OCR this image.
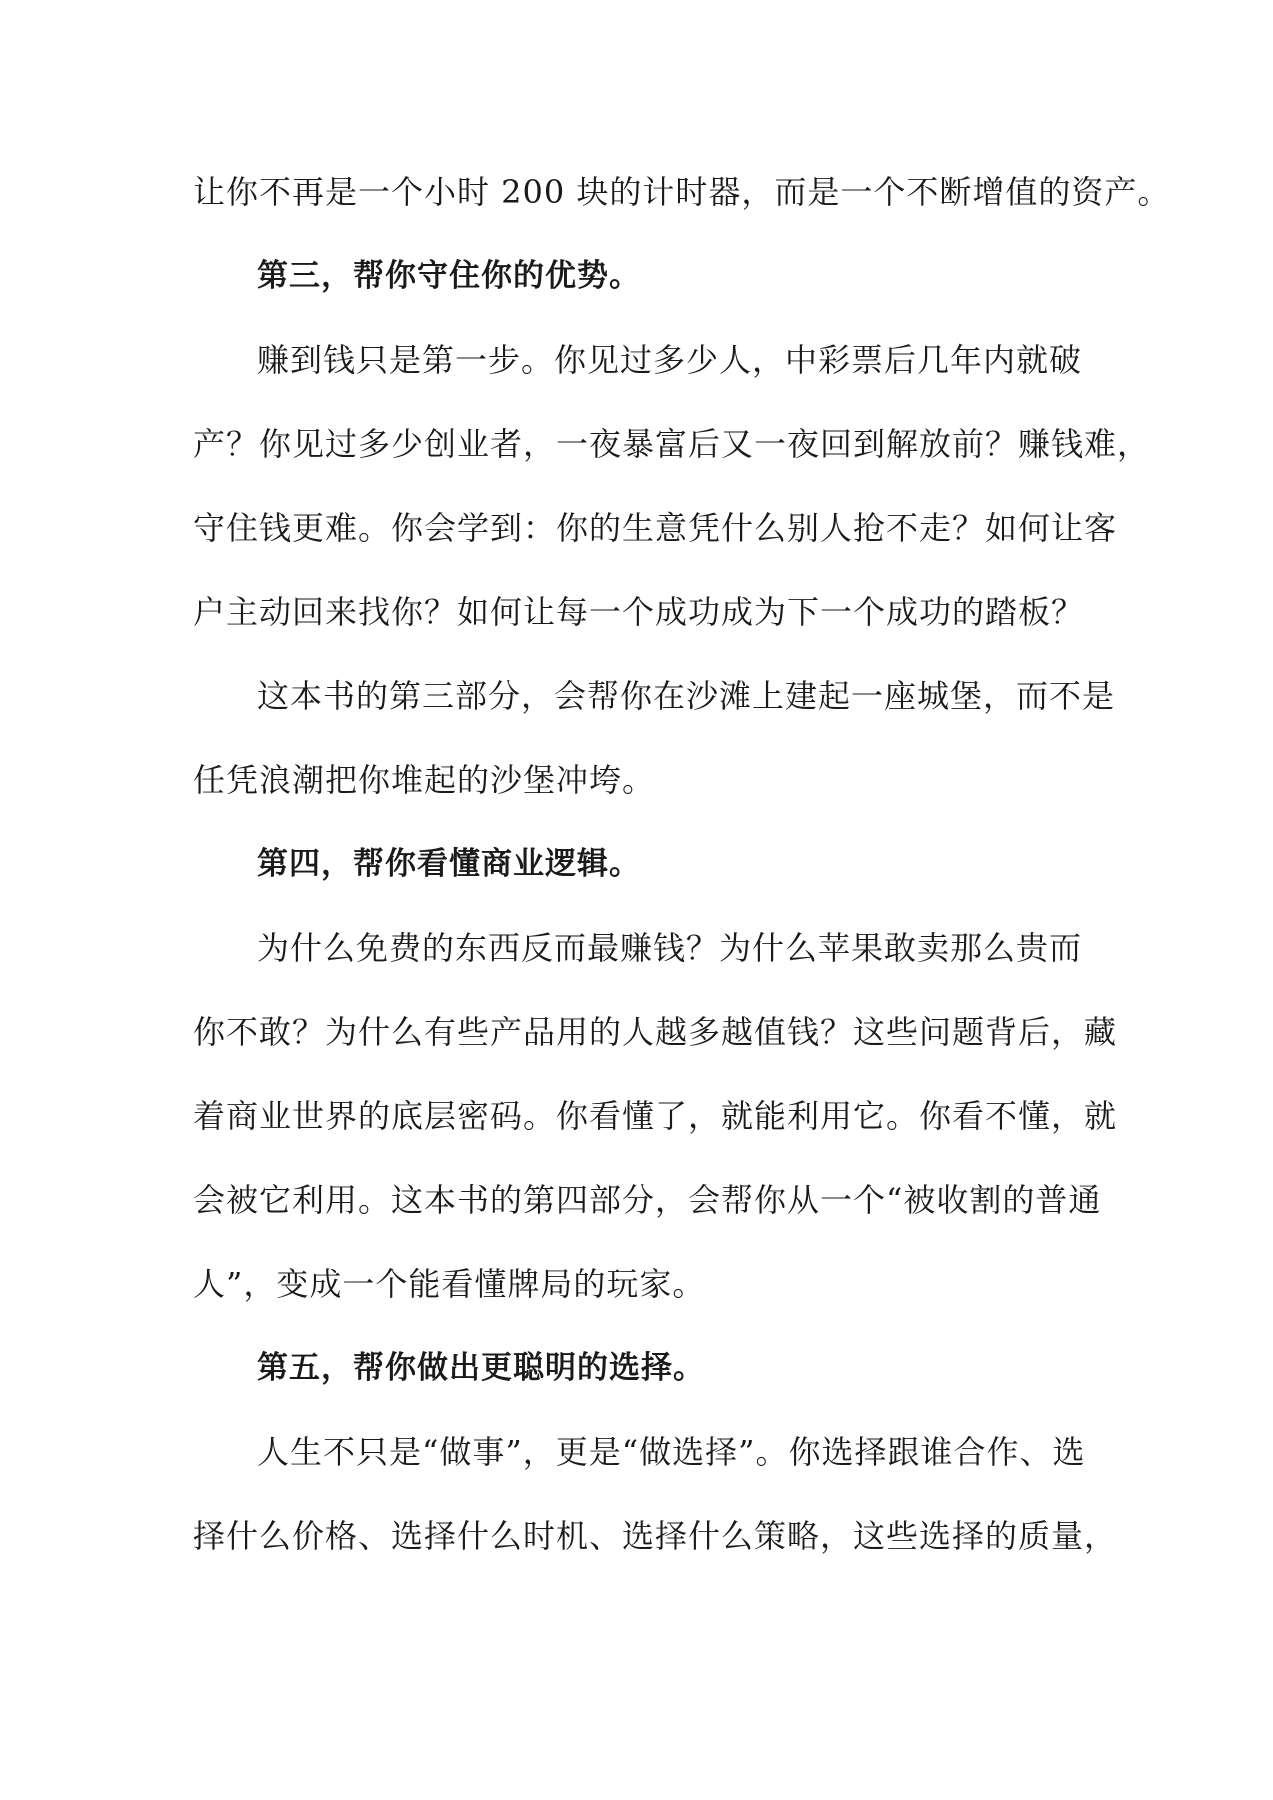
让你不再是一个小时 200 块的计时器，而是一个不断增值的资产。
第三，帮你守住你的优势。
赚到钱只是第一步。你见过多少人，中彩票后几年内就破
产？你见过多少创业者，一夜暴富后又一夜回到解放前？赚钱难，
守住钱更难。你会学到：你的生意凭什么别人抢不走？如何让客
户主动回来找你？如何让每一个成功成为下一个成功的踏板？
这本书的第三部分，会帮你在沙滩上建起一座城堡，而不是
任凭浪潮把你堆起的沙堡冲垮。
第四，帮你看懂商业逻辑。
为什么免费的东西反而最赚钱？为什么苹果敢卖那么贵而
你不敢？为什么有些产品用的人越多越值钱？这些问题背后，藏
着商业世界的底层密码。你看懂了，就能利用它。你看不懂，就
会被它利用。这本书的第四部分，会帮你从一个“被收割的普通
人”，变成一个能看懂牌局的玩家。
第五，帮你做出更聪明的选择。
人生不只是“做事”，更是“做选择”。你选择跟谁合作、选
择什么价格、选择什么时机、选择什么策略，这些选择的质量，
